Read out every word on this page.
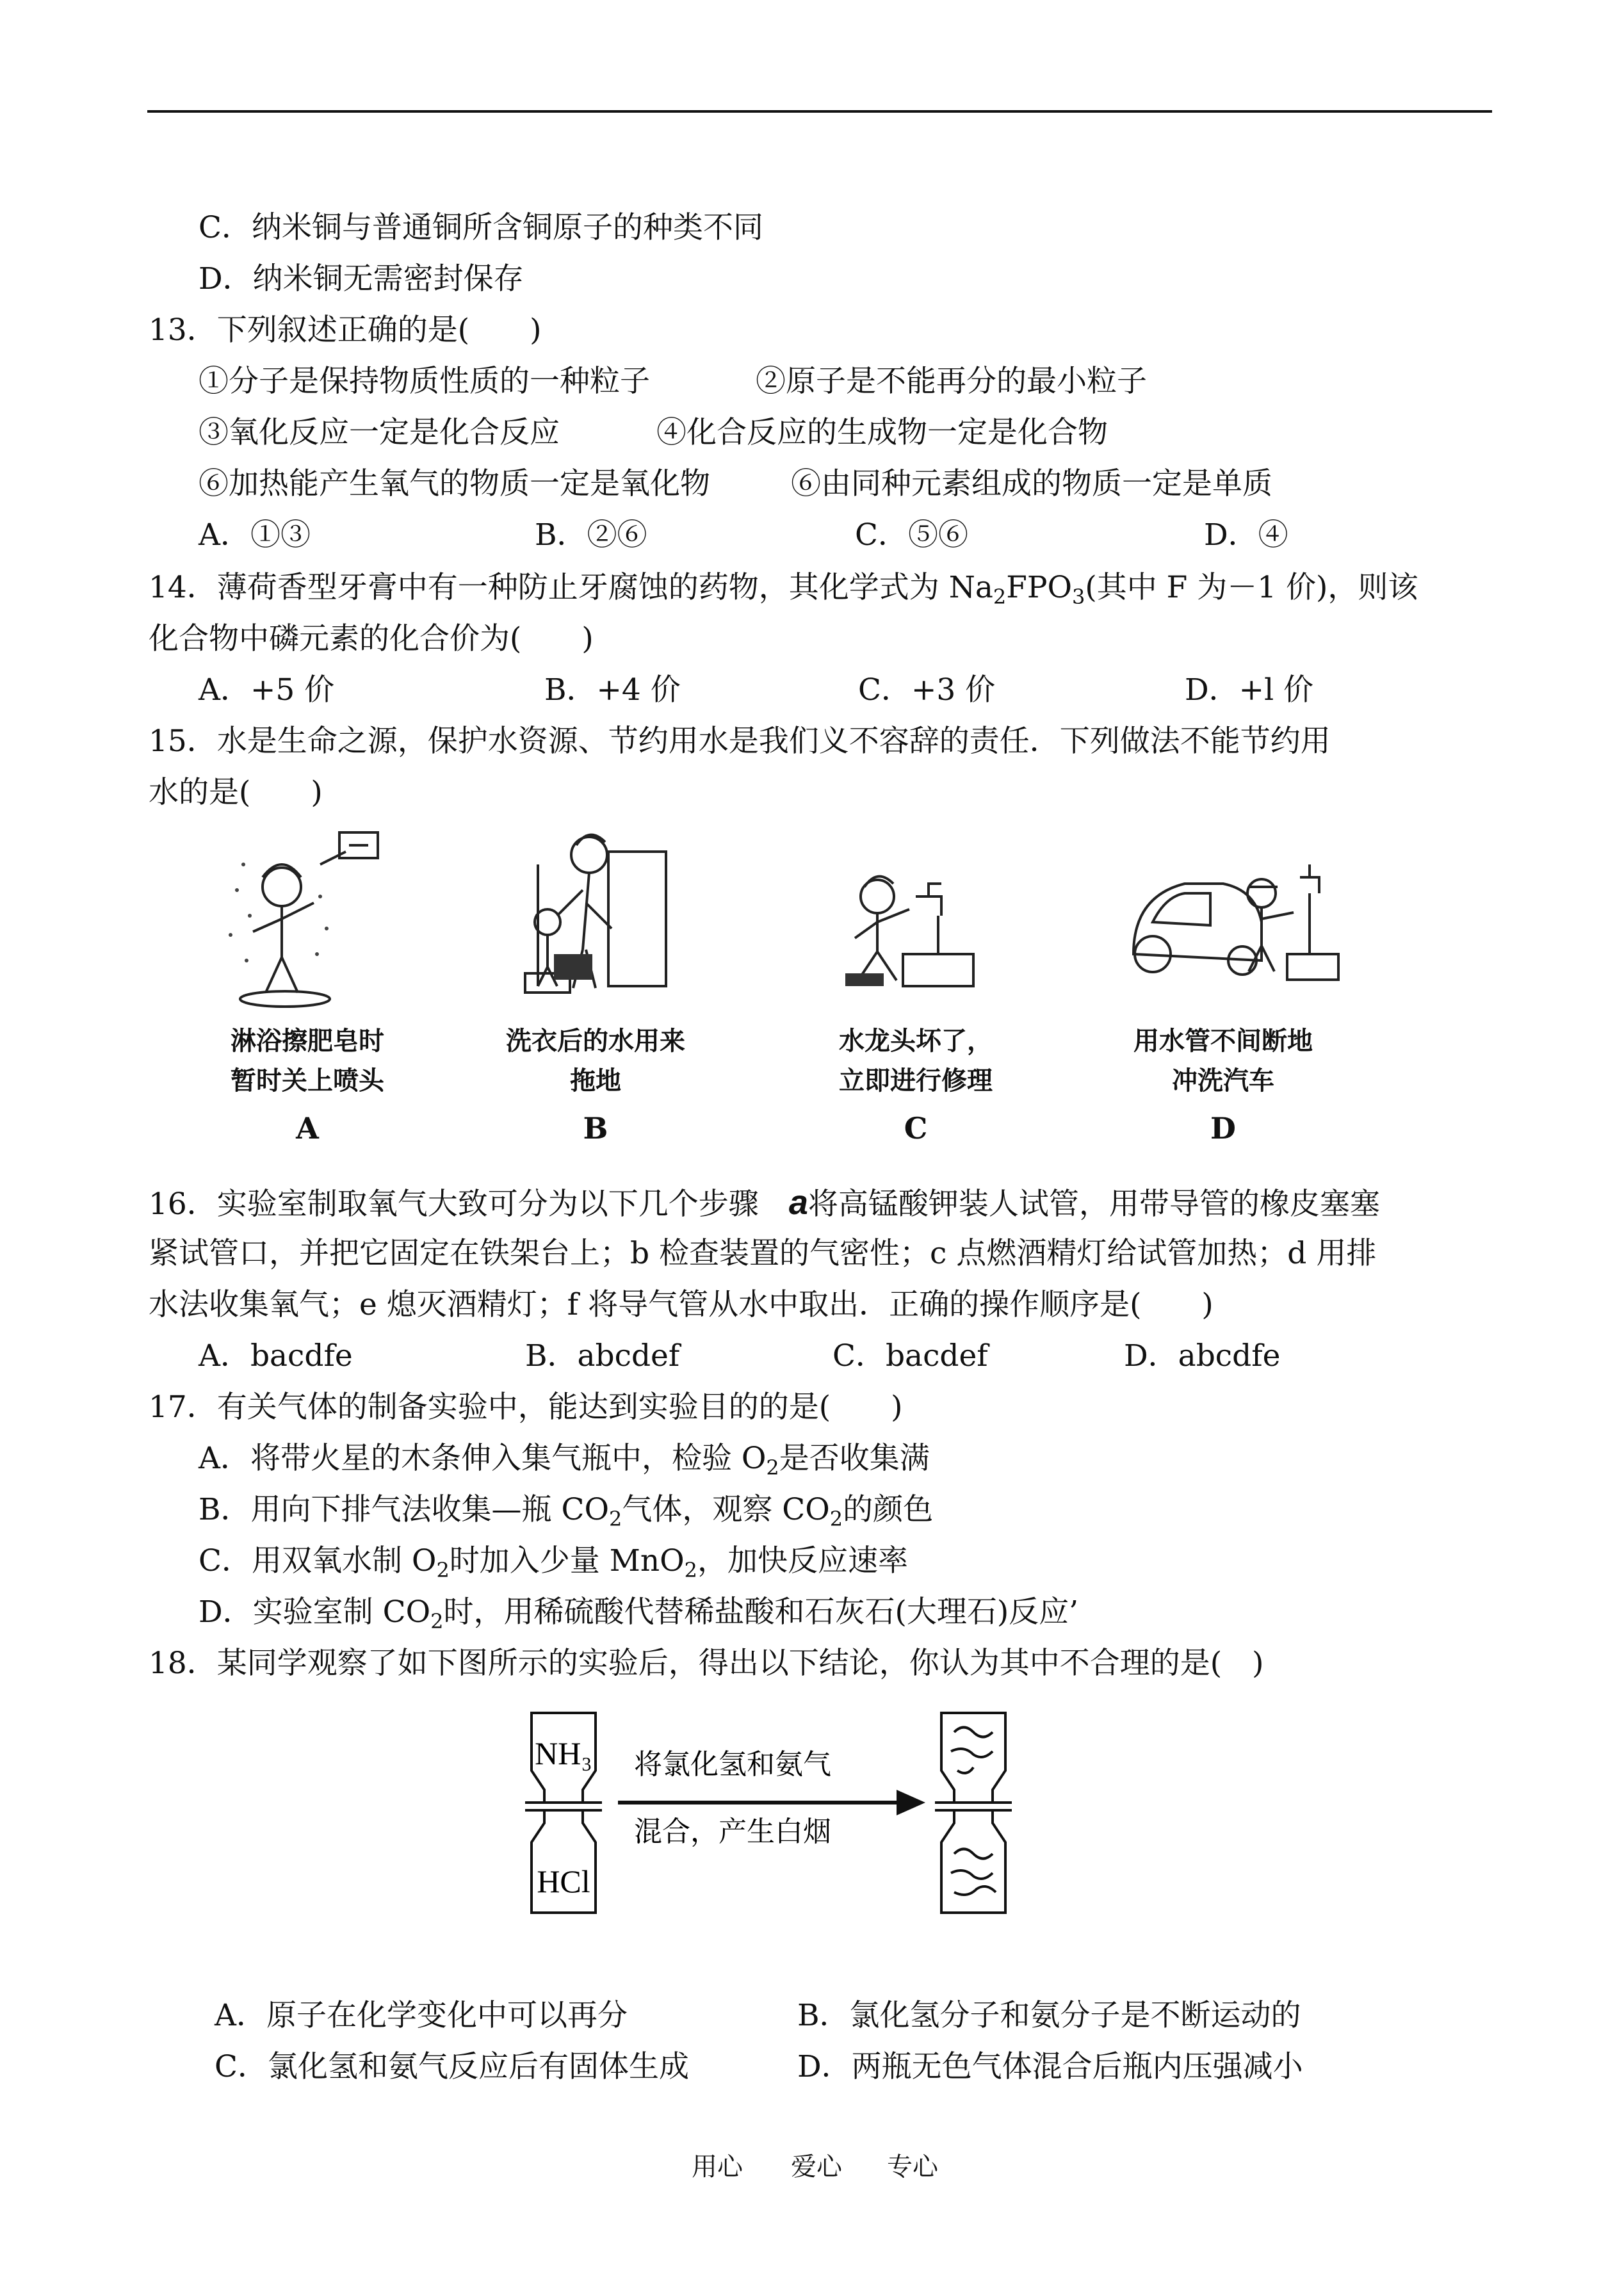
C．纳米铜与普通铜所含铜原子的种类不同
D．纳米铜无需密封保存
13．下列叙述正确的是(　　)
①分子是保持物质性质的一种粒子	②原子是不能再分的最小粒子
③氧化反应一定是化合反应	④化合反应的生成物一定是化合物
⑥加热能产生氧气的物质一定是氧化物	⑥由同种元素组成的物质一定是单质
A．①③	B．②⑥	C．⑤⑥	D．④
14．薄荷香型牙膏中有一种防止牙腐蚀的药物，其化学式为 $Na_2FPO_3$(其中 F 为－1 价)，则该
化合物中磷元素的化合价为(　　)
A．+5 价	B．+4 价	C．+3 价	D．+l 价
15．水是生命之源，保护水资源、节约用水是我们义不容辞的责任．下列做法不能节约用
水的是(　　)
淋浴擦肥皂时
暂时关上喷头
A
洗衣后的水用来
拖地
B
水龙头坏了，
立即进行修理
C
用水管不间断地
冲洗汽车
D
16．实验室制取氧气大致可分为以下几个步骤　 a将高锰酸钾装人试管，用带导管的橡皮塞塞
紧试管口，并把它固定在铁架台上；b 检查装置的气密性；c 点燃酒精灯给试管加热；d 用排
水法收集氧气；e 熄灭酒精灯；f 将导气管从水中取出．正确的操作顺序是(　　)
A．bacdfe	B．abcdef	C．bacdef	D．abcdfe
17．有关气体的制备实验中，能达到实验目的的是(　　)
A．将带火星的木条伸入集气瓶中，检验 $O_2$是否收集满
B．用向下排气法收集—瓶 $CO_2$气体，观察 $CO_2$的颜色
C．用双氧水制 $O_2$时加入少量 MnO$_2$，加快反应速率
D．实验室制 $CO_2$时，用稀硫酸代替稀盐酸和石灰石(大理石)反应’
18．某同学观察了如下图所示的实验后，得出以下结论，你认为其中不合理的是(　)
NH₃
HCl
将氯化氢和氨气
混合，产生白烟
A．原子在化学变化中可以再分	B．氯化氢分子和氨分子是不断运动的
C．氯化氢和氨气反应后有固体生成	D．两瓶无色气体混合后瓶内压强减小
用心 爱心 专心
